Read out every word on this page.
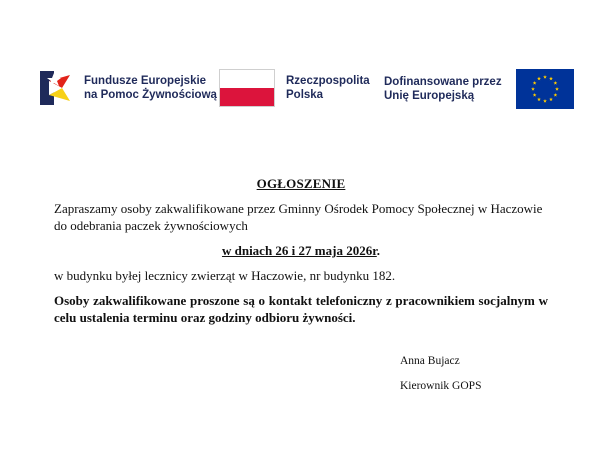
Fundusze Europejskie
na Pomoc Żywnościową
Rzeczpospolita
Polska
Dofinansowane przez
Unię Europejską
OGŁOSZENIE
Zapraszamy osoby zakwalifikowane przez Gminny Ośrodek Pomocy Społecznej w Haczowie do odebrania paczek żywnościowych
w dniach 26 i 27 maja 2026r.
w budynku byłej lecznicy zwierząt w Haczowie, nr budynku 182.
Osoby zakwalifikowane proszone są o kontakt telefoniczny z pracownikiem socjalnym w celu ustalenia terminu oraz godziny odbioru żywności.
Anna Bujacz
Kierownik GOPS
